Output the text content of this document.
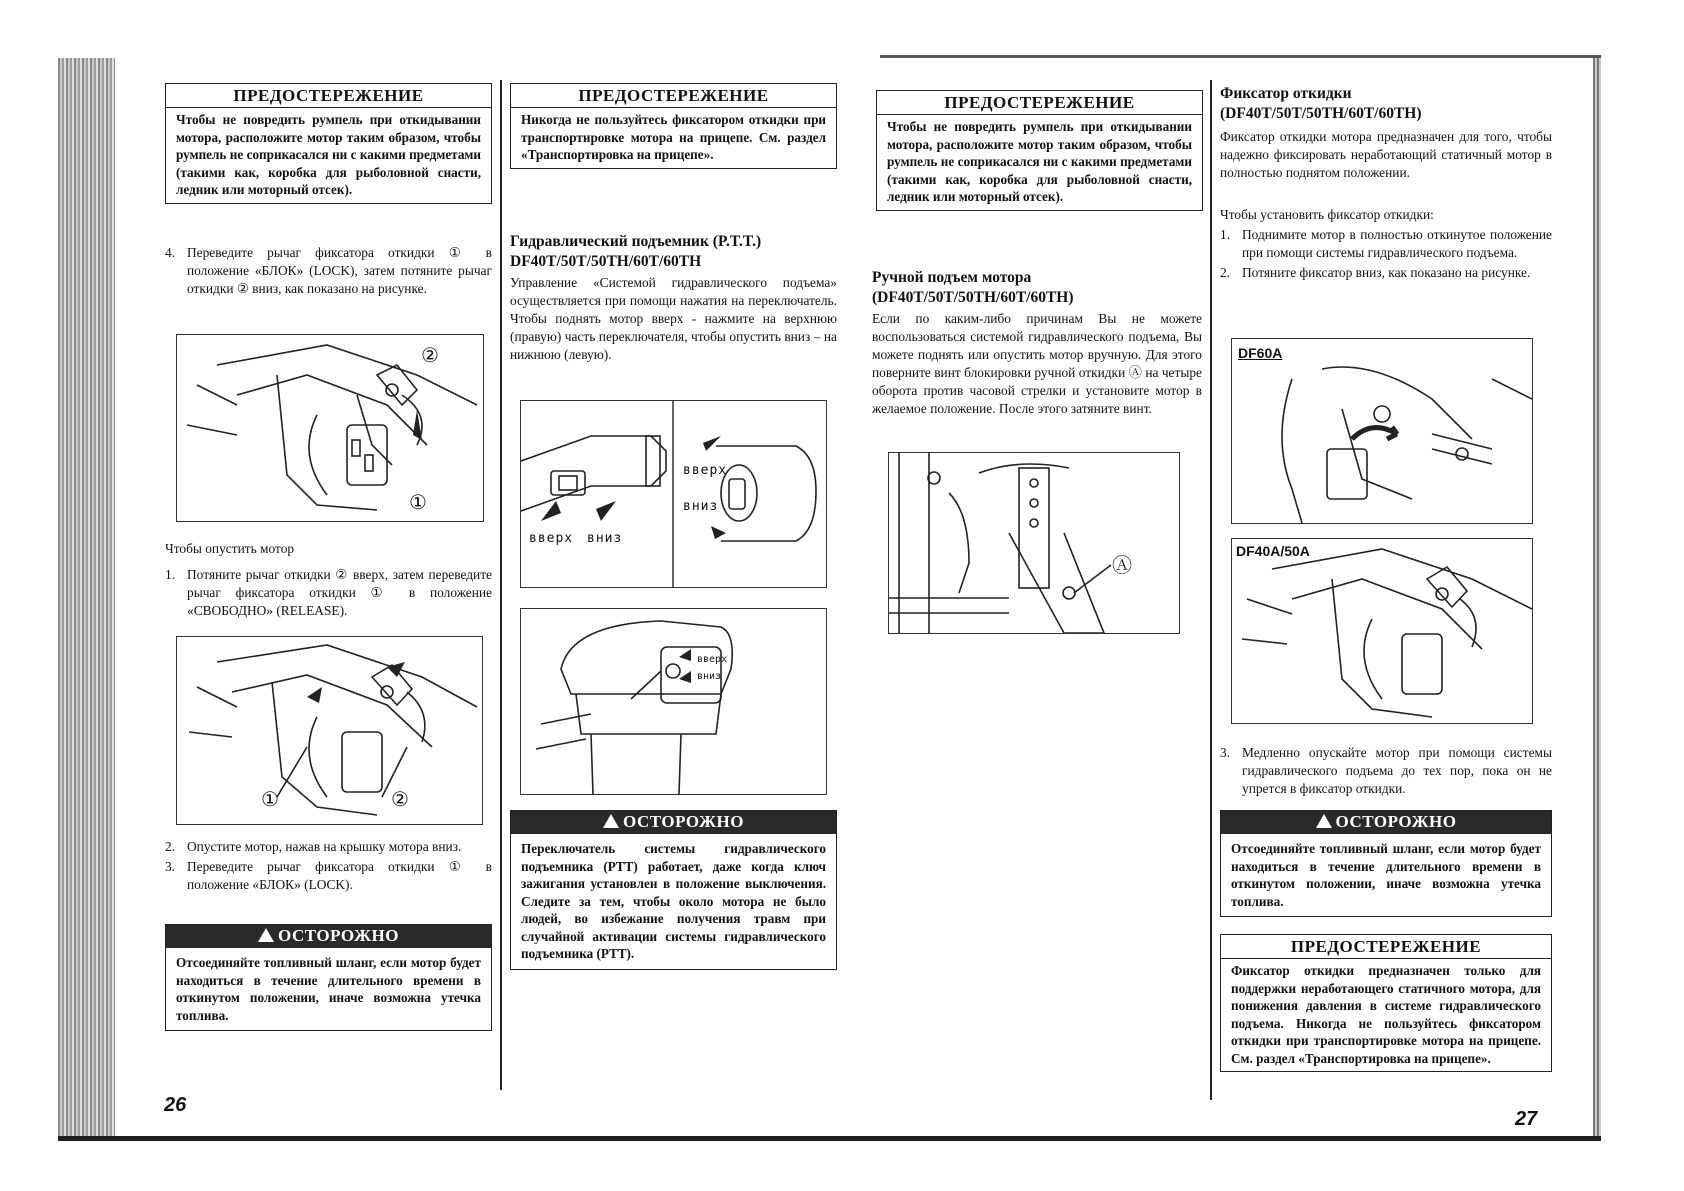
ПРЕДОСТЕРЕЖЕНИЕ
Чтобы не повредить румпель при откидывании мотора, расположите мотор таким образом, чтобы румпель не соприкасался ни с какими предметами (такими как, коробка для рыболовной снасти, ледник или моторный отсек).
4. Переведите рычаг фиксатора откидки ① в положение «БЛОК» (LOCK), затем потяните рычаг откидки ② вниз, как показано на рисунке.
②
①
Чтобы опустить мотор
1. Потяните рычаг откидки ② вверх, затем переведите рычаг фиксатора откидки ① в положение «СВОБОДНО» (RELEASE).
①	②
2. Опустите мотор, нажав на крышку мотора вниз.
3. Переведите рычаг фиксатора откидки ① в положение «БЛОК» (LOCK).
ОСТОРОЖНО
Отсоединяйте топливный шланг, если мотор будет находиться в течение длительного времени в откинутом положении, иначе возможна утечка топлива.
26
ПРЕДОСТЕРЕЖЕНИЕ
Никогда не пользуйтесь фиксатором откидки при транспортировке мотора на прицепе. См. раздел «Транспортировка на прицепе».
Гидравлический подъемник (P.T.T.)
DF40T/50T/50TH/60T/60TH
Управление «Системой гидравлического подъема» осуществляется при помощи нажатия на переключатель. Чтобы поднять мотор вверх - нажмите на верхнюю (правую) часть переключателя, чтобы опустить вниз – на нижнюю (левую).
вверх вниз
вверх
вниз
вверх
вниз
ОСТОРОЖНО
Переключатель системы гидравлического подъемника (PTT) работает, даже когда ключ зажигания установлен в положение выключения. Следите за тем, чтобы около мотора не было людей, во избежание получения травм при случайной активации системы гидравлического подъемника (PTT).
ПРЕДОСТЕРЕЖЕНИЕ
Чтобы не повредить румпель при откидывании мотора, расположите мотор таким образом, чтобы румпель не соприкасался ни с какими предметами (такими как, коробка для рыболовной снасти, ледник или моторный отсек).
Ручной подъем мотора
(DF40T/50T/50TH/60T/60TH)
Если по каким-либо причинам Вы не можете воспользоваться системой гидравлического подъема, Вы можете поднять или опустить мотор вручную. Для этого поверните винт блокировки ручной откидки Ⓐ на четыре оборота против часовой стрелки и установите мотор в желаемое положение. После этого затяните винт.
Ⓐ
Фиксатор откидки
(DF40T/50T/50TH/60T/60TH)
Фиксатор откидки мотора предназначен для того, чтобы надежно фиксировать неработающий статичный мотор в полностью поднятом положении.
Чтобы установить фиксатор откидки:
1. Поднимите мотор в полностью откинутое положение при помощи системы гидравлического подъема.
2. Потяните фиксатор вниз, как показано на рисунке.
DF60A
DF40A/50A
3. Медленно опускайте мотор при помощи системы гидравлического подъема до тех пор, пока он не упрется в фиксатор откидки.
ОСТОРОЖНО
Отсоединяйте топливный шланг, если мотор будет находиться в течение длительного времени в откинутом положении, иначе возможна утечка топлива.
ПРЕДОСТЕРЕЖЕНИЕ
Фиксатор откидки предназначен только для поддержки неработающего статичного мотора, для понижения давления в системе гидравлического подъема. Никогда не пользуйтесь фиксатором откидки при транспортировке мотора на прицепе. См. раздел «Транспортировка на прицепе».
27
